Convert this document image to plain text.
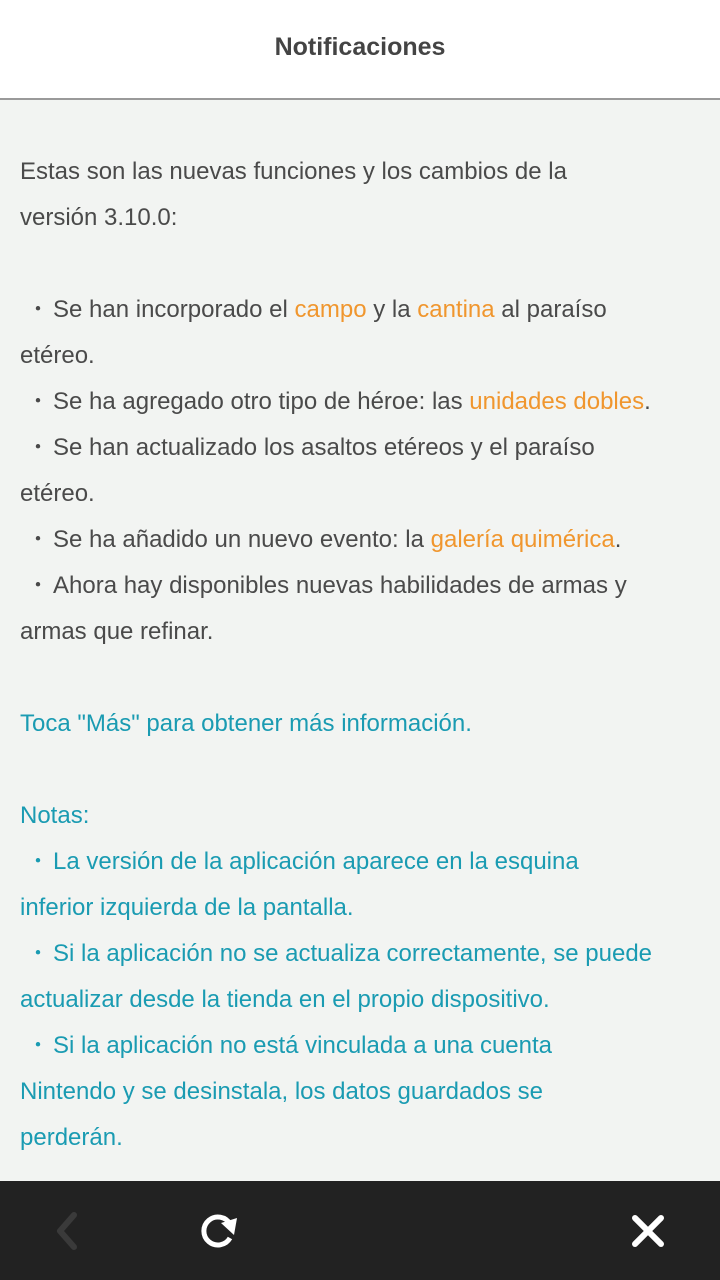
Notificaciones

Estas son las nuevas funciones y los cambios de la

versión 3.10.0:

・ Se han incorporado el campo y la cantina al paraíso

etéreo.

・ Se ha agregado otro tipo de héroe: las unidades dobles.

・ Se han actualizado los asaltos etéreos y el paraíso

etéreo.

・ Se ha añadido un nuevo evento: la galería quimérica.

・ Ahora hay disponibles nuevas habilidades de armas y

armas que refinar.

Toca "Más" para obtener más información.

Notas:

・ La versión de la aplicación aparece en la esquina

inferior izquierda de la pantalla.

・ Si la aplicación no se actualiza correctamente, se puede

actualizar desde la tienda en el propio dispositivo.

・ Si la aplicación no está vinculada a una cuenta

Nintendo y se desinstala, los datos guardados se

perderán.
